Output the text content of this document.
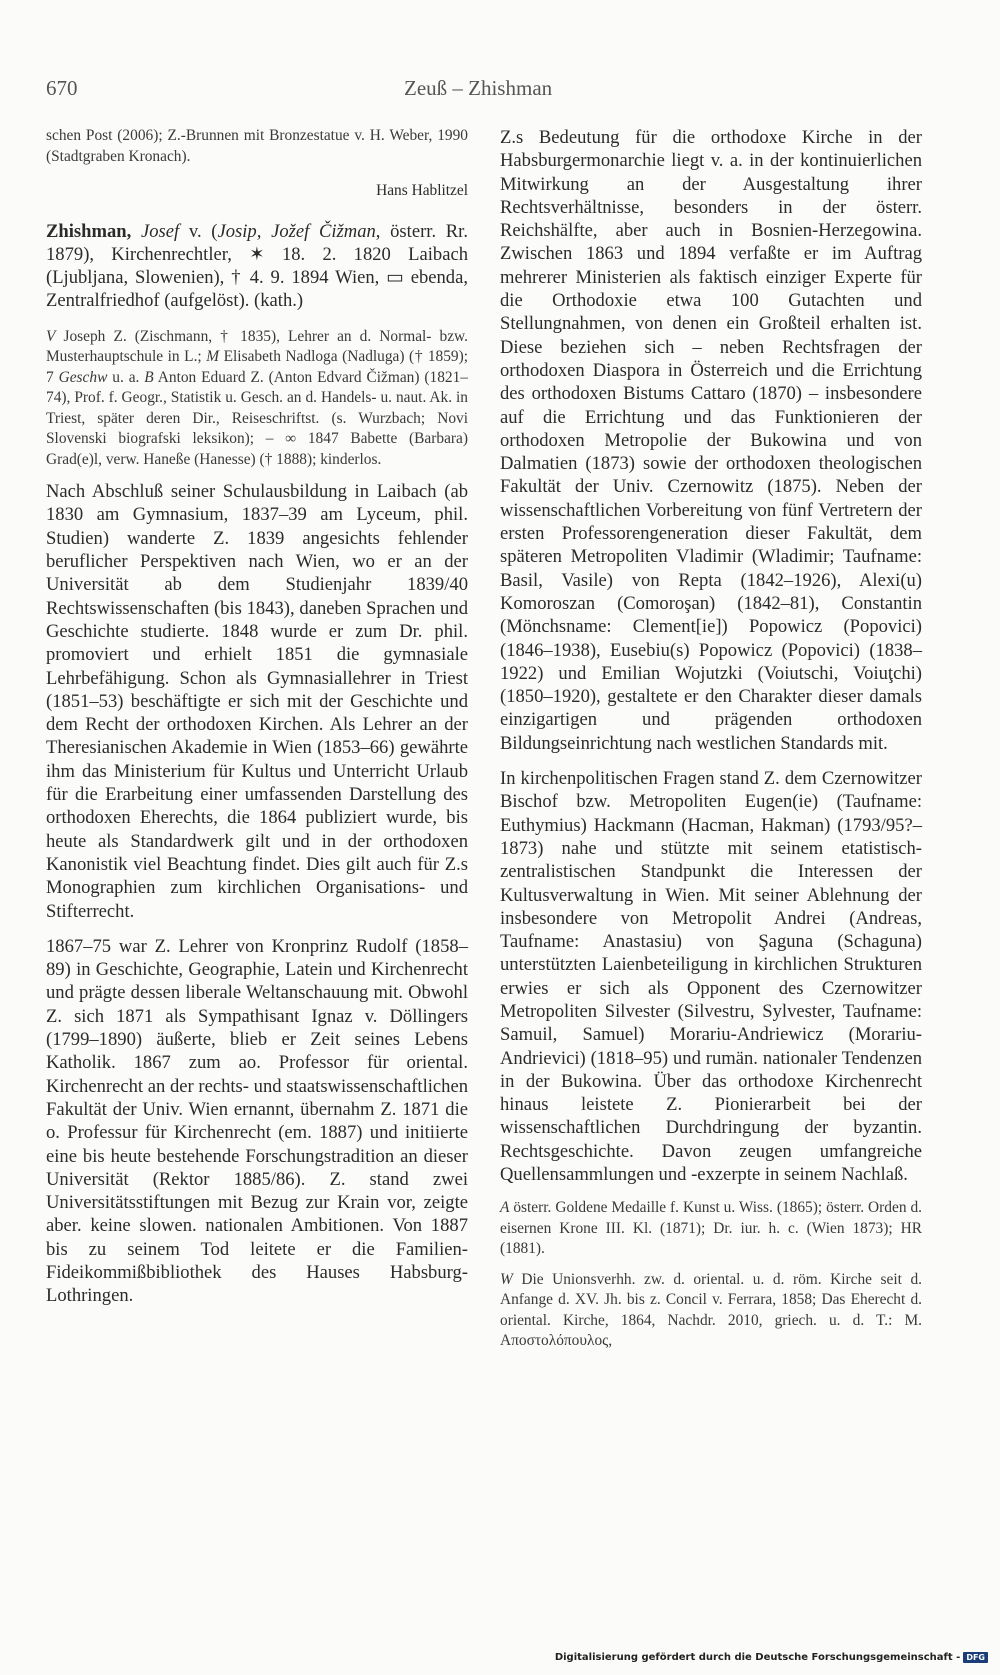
670	Zeuß – Zhishman

schen Post (2006); Z.-Brunnen mit Bronzestatue v. H. Weber, 1990 (Stadtgraben Kronach).

Hans Hablitzel

Zhishman, Josef v. (Josip, Jožef Čižman, österr. Rr. 1879), Kirchenrechtler, ✶ 18. 2. 1820 Laibach (Ljubljana, Slowenien), † 4. 9. 1894 Wien, ▭ ebenda, Zentralfriedhof (aufgelöst). (kath.)

V Joseph Z. (Zischmann, † 1835), Lehrer an d. Normal- bzw. Musterhauptschule in L.; M Elisabeth Nadloga (Nadluga) († 1859); 7 Geschw u. a. B Anton Eduard Z. (Anton Edvard Čižman) (1821–74), Prof. f. Geogr., Statistik u. Gesch. an d. Handels- u. naut. Ak. in Triest, später deren Dir., Reiseschriftst. (s. Wurzbach; Novi Slovenski biografski leksikon); – ∞ 1847 Babette (Barbara) Grad(e)l, verw. Haneße (Hanesse) († 1888); kinderlos.

Nach Abschluß seiner Schulausbildung in Laibach (ab 1830 am Gymnasium, 1837–39 am Lyceum, phil. Studien) wanderte Z. 1839 angesichts fehlender beruflicher Perspektiven nach Wien, wo er an der Universität ab dem Studienjahr 1839/40 Rechtswissenschaften (bis 1843), daneben Sprachen und Geschichte studierte. 1848 wurde er zum Dr. phil. promoviert und erhielt 1851 die gymnasiale Lehrbefähigung. Schon als Gymnasiallehrer in Triest (1851–53) beschäftigte er sich mit der Geschichte und dem Recht der orthodoxen Kirchen. Als Lehrer an der Theresianischen Akademie in Wien (1853–66) gewährte ihm das Ministerium für Kultus und Unterricht Urlaub für die Erarbeitung einer umfassenden Darstellung des orthodoxen Eherechts, die 1864 publiziert wurde, bis heute als Standardwerk gilt und in der orthodoxen Kanonistik viel Beachtung findet. Dies gilt auch für Z.s Monographien zum kirchlichen Organisations- und Stifterrecht.

1867–75 war Z. Lehrer von Kronprinz Rudolf (1858–89) in Geschichte, Geographie, Latein und Kirchenrecht und prägte dessen liberale Weltanschauung mit. Obwohl Z. sich 1871 als Sympathisant Ignaz v. Döllingers (1799–1890) äußerte, blieb er Zeit seines Lebens Katholik. 1867 zum ao. Professor für oriental. Kirchenrecht an der rechts- und staatswissenschaftlichen Fakultät der Univ. Wien ernannt, übernahm Z. 1871 die o. Professur für Kirchenrecht (em. 1887) und initiierte eine bis heute bestehende Forschungstradition an dieser Universität (Rektor 1885/86). Z. stand zwei Universitätsstiftungen mit Bezug zur Krain vor, zeigte aber. keine slowen. nationalen Ambitionen. Von 1887 bis zu seinem Tod leitete er die Familien-Fideikommißbibliothek des Hauses Habsburg-Lothringen.

Z.s Bedeutung für die orthodoxe Kirche in der Habsburgermonarchie liegt v. a. in der kontinuierlichen Mitwirkung an der Ausgestaltung ihrer Rechtsverhältnisse, besonders in der österr. Reichshälfte, aber auch in Bosnien-Herzegowina. Zwischen 1863 und 1894 verfaßte er im Auftrag mehrerer Ministerien als faktisch einziger Experte für die Orthodoxie etwa 100 Gutachten und Stellungnahmen, von denen ein Großteil erhalten ist. Diese beziehen sich – neben Rechtsfragen der orthodoxen Diaspora in Österreich und die Errichtung des orthodoxen Bistums Cattaro (1870) – insbesondere auf die Errichtung und das Funktionieren der orthodoxen Metropolie der Bukowina und von Dalmatien (1873) sowie der orthodoxen theologischen Fakultät der Univ. Czernowitz (1875). Neben der wissenschaftlichen Vorbereitung von fünf Vertretern der ersten Professorengeneration dieser Fakultät, dem späteren Metropoliten Vladimir (Wladimir; Taufname: Basil, Vasile) von Repta (1842–1926), Alexi(u) Komoroszan (Comoroşan) (1842–81), Constantin (Mönchsname: Clement[ie]) Popowicz (Popovici) (1846–1938), Eusebiu(s) Popowicz (Popovici) (1838–1922) und Emilian Wojutzki (Voiutschi, Voiuţchi) (1850–1920), gestaltete er den Charakter dieser damals einzigartigen und prägenden orthodoxen Bildungseinrichtung nach westlichen Standards mit.

In kirchenpolitischen Fragen stand Z. dem Czernowitzer Bischof bzw. Metropoliten Eugen(ie) (Taufname: Euthymius) Hackmann (Hacman, Hakman) (1793/95?–1873) nahe und stützte mit seinem etatistisch-zentralistischen Standpunkt die Interessen der Kultusverwaltung in Wien. Mit seiner Ablehnung der insbesondere von Metropolit Andrei (Andreas, Taufname: Anastasiu) von Şaguna (Schaguna) unterstützten Laienbeteiligung in kirchlichen Strukturen erwies er sich als Opponent des Czernowitzer Metropoliten Silvester (Silvestru, Sylvester, Taufname: Samuil, Samuel) Morariu-Andriewicz (Morariu-Andrievici) (1818–95) und rumän. nationaler Tendenzen in der Bukowina. Über das orthodoxe Kirchenrecht hinaus leistete Z. Pionierarbeit bei der wissenschaftlichen Durchdringung der byzantin. Rechtsgeschichte. Davon zeugen umfangreiche Quellensammlungen und -exzerpte in seinem Nachlaß.

A österr. Goldene Medaille f. Kunst u. Wiss. (1865); österr. Orden d. eisernen Krone III. Kl. (1871); Dr. iur. h. c. (Wien 1873); HR (1881).

W Die Unionsverhh. zw. d. oriental. u. d. röm. Kirche seit d. Anfange d. XV. Jh. bis z. Concil v. Ferrara, 1858; Das Eherecht d. oriental. Kirche, 1864, Nachdr. 2010, griech. u. d. T.: M. Αποστολόπουλος,

Digitalisierung gefördert durch die Deutsche Forschungsgemeinschaft - DFG
